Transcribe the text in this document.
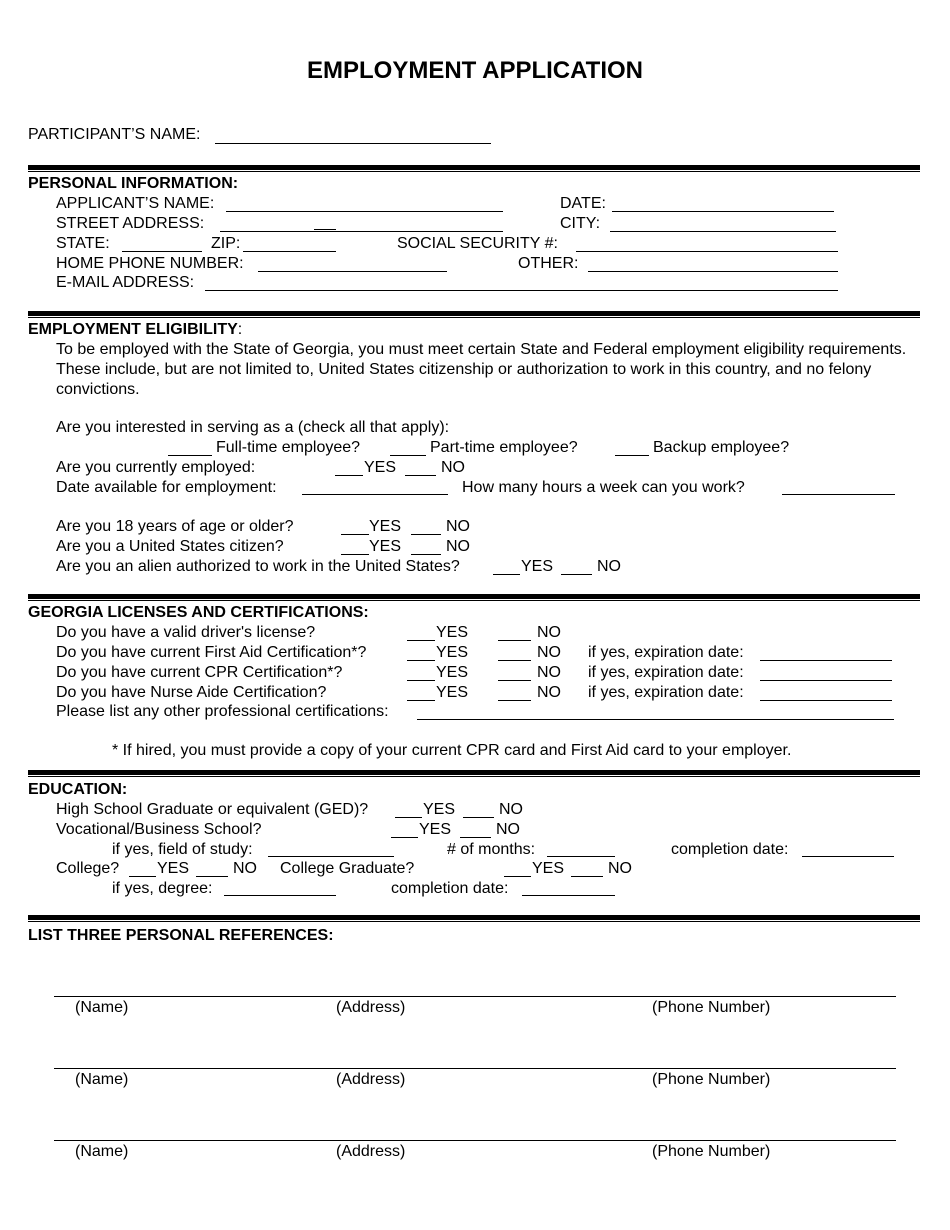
EMPLOYMENT APPLICATION
PARTICIPANT’S NAME:
PERSONAL INFORMATION:
APPLICANT’S NAME:	DATE:
STREET ADDRESS:	CITY:
STATE:	ZIP:	SOCIAL SECURITY #:
HOME PHONE NUMBER:	OTHER:
E-MAIL ADDRESS:
EMPLOYMENT ELIGIBILITY:
To be employed with the State of Georgia, you must meet certain State and Federal employment eligibility requirements. These include, but are not limited to, United States citizenship or authorization to work in this country, and no felony convictions.
Are you interested in serving as a (check all that apply):
Full-time employee?	Part-time employee?	Backup employee?
Are you currently employed:	YES	NO
Date available for employment:	How many hours a week can you work?
Are you 18 years of age or older?	YES	NO
Are you a United States citizen?	YES	NO
Are you an alien authorized to work in the United States?	YES	NO
GEORGIA LICENSES AND CERTIFICATIONS:
Do you have a valid driver's license?	YES	NO
Do you have current First Aid Certification*?	YES	NO if yes, expiration date:
Do you have current CPR Certification*?	YES	NO if yes, expiration date:
Do you have Nurse Aide Certification?	YES	NO if yes, expiration date:
Please list any other professional certifications:
* If hired, you must provide a copy of your current CPR card and First Aid card to your employer.
EDUCATION:
High School Graduate or equivalent (GED)?	YES	NO
Vocational/Business School?	YES	NO
if yes, field of study:	# of months:	completion date:
College? YES	NO College Graduate?	YES	NO
if yes, degree:	completion date:
LIST THREE PERSONAL REFERENCES:
(Name)	(Address)	(Phone Number)
(Name)	(Address)	(Phone Number)
(Name)	(Address)	(Phone Number)
